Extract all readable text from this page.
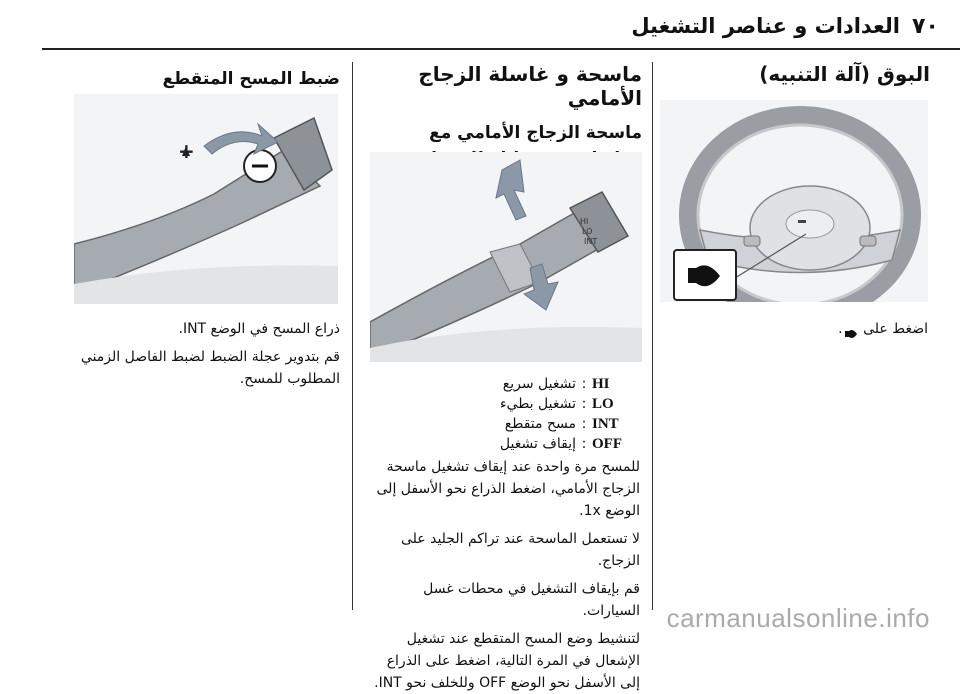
٧٠
العدادات و عناصر التشغيل
البوق (آلة التنبيه)
اضغط على .
ماسحة و غاسلة الزجاج الأمامي
ماسحة الزجاج الأمامي مع
HI
LO
INT
HI
:
تشغيل سريع
LO
:
تشغيل بطيء
INT
:
مسح متقطع
OFF
:
إيقاف تشغيل

للمسح مرة واحدة عند إيقاف تشغيل ماسحة الزجاج الأمامي، اضغط الذراع نحو الأسفل إلى الوضع 1x.

لا تستعمل الماسحة عند تراكم الجليد على الزجاج.

قم بإيقاف التشغيل في محطات غسل السيارات.

لتنشيط وضع المسح المتقطع عند تشغيل الإشعال في المرة التالية، اضغط على الذراع إلى الأسفل نحو الوضع OFF وللخلف نحو INT.

ضبط المسح المتقطع
+

ذراع المسح في الوضع INT.

قم بتدوير عجلة الضبط لضبط الفاصل الزمني المطلوب للمسح.

carmanualsonline.info
